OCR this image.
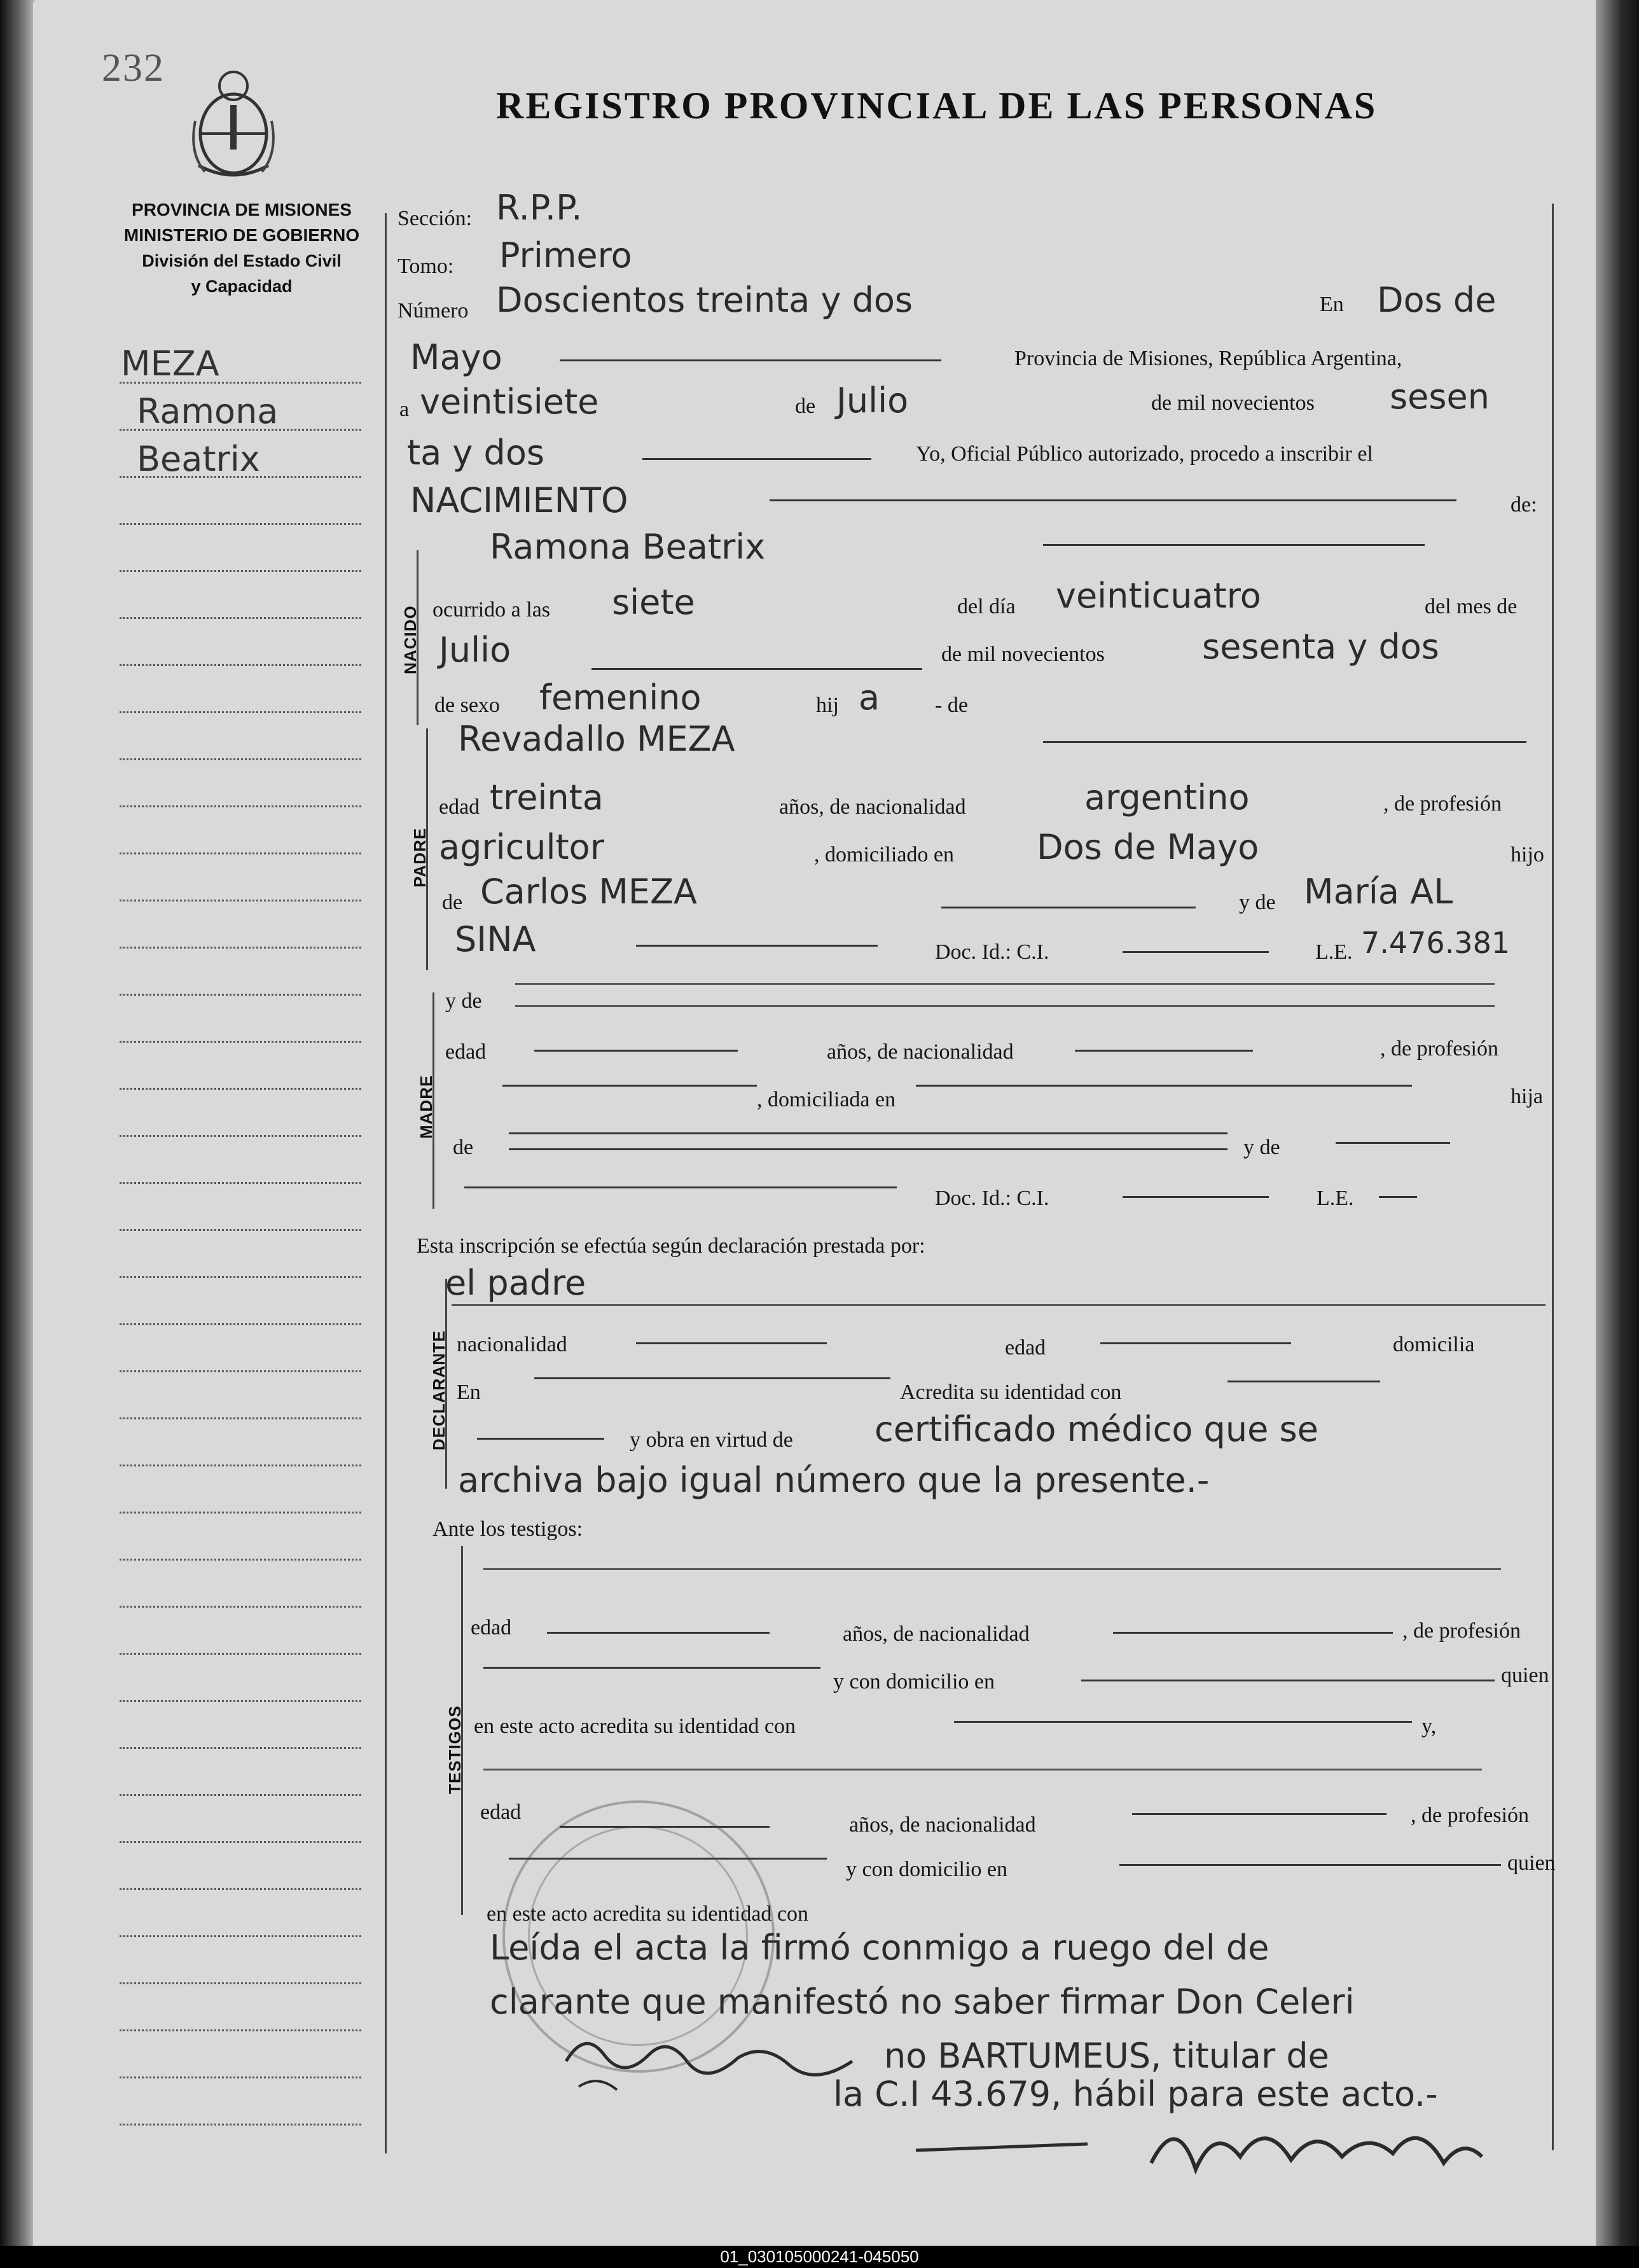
232
REGISTRO PROVINCIAL DE LAS PERSONAS
PROVINCIA DE MISIONES
MINISTERIO DE GOBIERNO
División del Estado Civil
y Capacidad
MEZA
Ramona
Beatrix
NACIDO
PADRE
MADRE
DECLARANTE
TESTIGOS
Sección: R.P.P.
Tomo: Primero
Número Doscientos treinta y dos	En Dos de
Mayo	Provincia de Misiones, República Argentina,
a veintisiete	de Julio	de mil novecientos sesen
ta y dos	Yo, Oficial Público autorizado, procedo a inscribir el
NACIMIENTO	de:
Ramona Beatrix
ocurrido a las siete	del día veinticuatro	del mes de
Julio	de mil novecientos	sesenta y dos
de sexo femenino	hij a	- de
Revadallo MEZA
edad treinta	años, de nacionalidad	argentino	, de profesión
agricultor	, domiciliado en Dos de Mayo	hijo
de Carlos MEZA	y de María AL
SINA	Doc. Id.: C.I.	L.E. 7.476.381
y de
edad	años, de nacionalidad	, de profesión
, domiciliada en	hija
de	y de
Doc. Id.: C.I.	L.E.
Esta inscripción se efectúa según declaración prestada por:
el padre
nacionalidad	edad	domicilia
En	Acredita su identidad con
y obra en virtud de certificado médico que se
archiva bajo igual número que la presente.-
Ante los testigos:
edad	años, de nacionalidad	, de profesión
y con domicilio en	quien
en este acto acredita su identidad con	y,
edad
años, de nacionalidad	, de profesión
y con domicilio en	quien
en este acto acredita su identidad con
Leída el acta la firmó conmigo a ruego del de
clarante que manifestó no saber firmar Don Celeri
no BARTUMEUS, titular de
la C.I 43.679, hábil para este acto.-
01_030105000241-045050
